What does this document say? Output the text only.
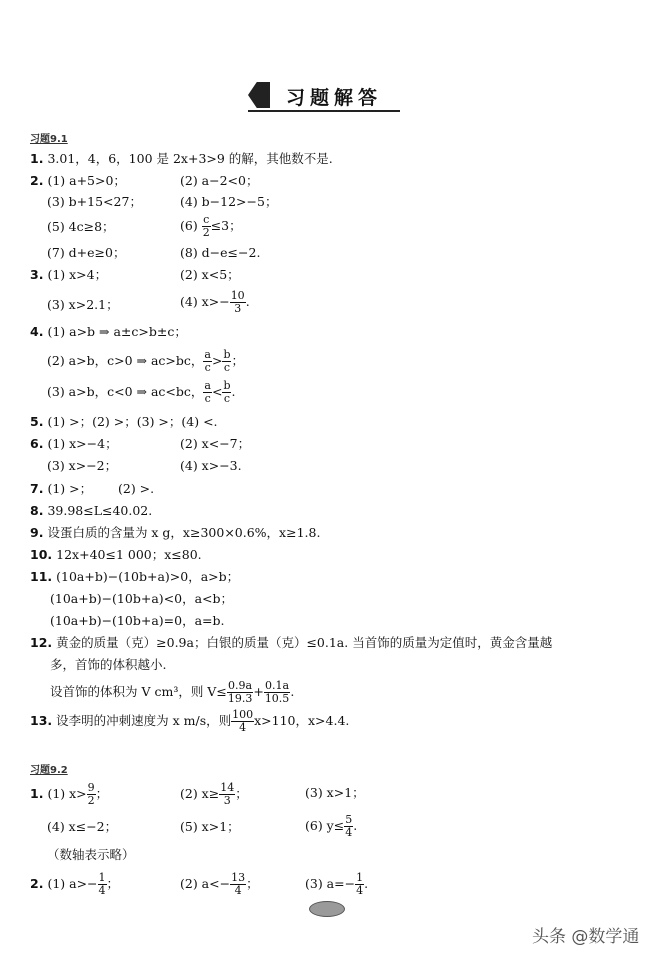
习题解答
习题9.1
1. 3.01，4，6，100 是 2x+3>9 的解，其他数不是.
2. (1) a+5>0；	(2) a−2<0；
(3) b+15<27；	(4) b−12>−5；
(5) 4c≥8；	$(6) \frac{c}{2} \le 3$；
(7) d+e≥0；	(8) d−e≤−2.
3. (1) x>4；	(2) x<5；
(3) x>2.1；	(4) $x>- \frac{10}{3}$ .
4. (1) a>b ⇒ a±c>b±c；
(2) a>b，c>0 ⇒ ac>bc， $\frac{a}{c} > \frac{b}{c}$ ；
(3) a>b，c<0 ⇒ ac<bc， $\frac{a}{c} < \frac{b}{c}$ .
5. (1) >；(2) >；(3) >；(4) <.
6. (1) x>−4；	(2) x<−7；
(3) x>−2；	(4) x>−3.
7. (1) >； (2) >.
8. 39.98≤L≤40.02.
9. 设蛋白质的含量为 x g，x≥300×0.6%，x≥1.8.
10. 12x+40≤1 000；x≤80.
11. (10a+b)−(10b+a)>0，a>b；
(10a+b)−(10b+a)<0，a<b；
(10a+b)−(10b+a)=0，a=b.
12. 黄金的质量（克）≥0.9a；白银的质量（克）≤0.1a. 当首饰的质量为定值时，黄金含量越
多，首饰的体积越小.
设首饰的体积为 V cm³，则 $V\le \frac{0.9a}{19.3} + \frac{0.1a}{10.5}$ .
13. 设李明的冲刺速度为 x m/s，则 $\frac{100}{4} x>110$，x>4.4.
习题9.2
1. (1) $x> \frac{9}{2}$ ；	(2) $x\ge \frac{14}{3}$ ；	(3) x>1；
(4) x≤−2；	(5) x>1；	(6) $y\le \frac{5}{4}$ .
（数轴表示略）
2. (1) $a>- \frac{1}{4}$ ；	(2) $a<- \frac{13}{4}$ ；	(3) $a=- \frac{1}{4}$ .
头条 @数学通
